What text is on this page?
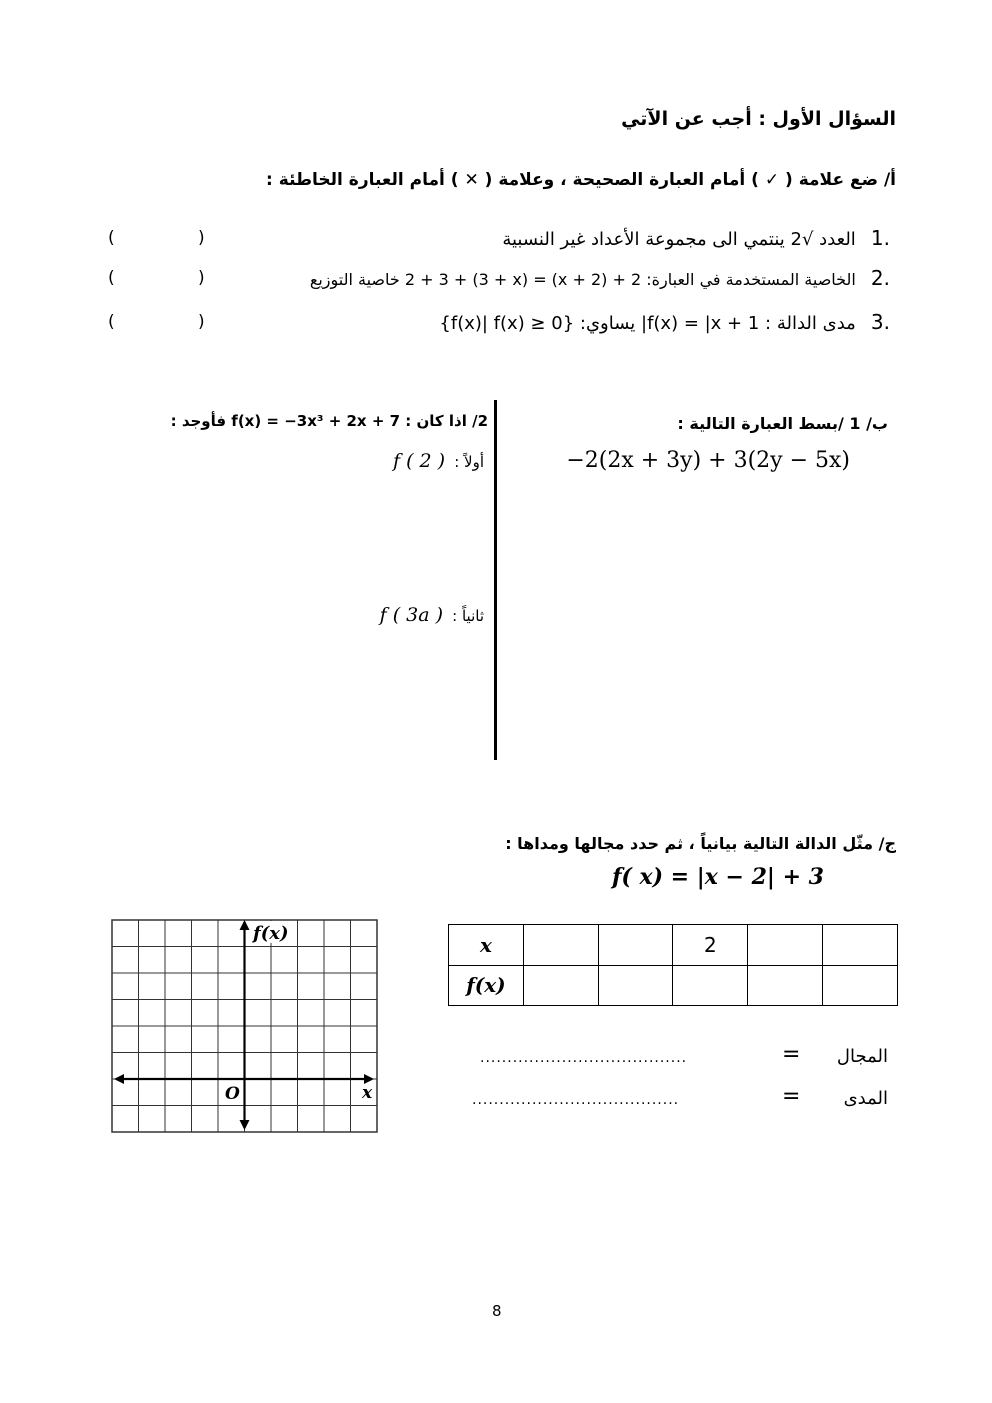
السؤال الأول : أجب عن الآتي
أ/ ضع علامة ( ✓ ) أمام العبارة الصحيحة ، وعلامة ( ✕ ) أمام العبارة الخاطئة :
العدد √2 ينتمي الى مجموعة الأعداد غير النسبية 1.
الخاصية المستخدمة في العبارة: 2 + (x + 2) = (3 + x) + 2 + 3 خاصية التوزيع 2.
مدى الدالة : f(x) = |x + 1| يساوي: {f(x)| f(x) ≥ 0} 3.
(	)
(	)
(	)
ب/ 1 /بسط العبارة التالية :
−2(2x + 3y) + 3(2y − 5x)
2/ اذا كان : f(x) = −3x³ + 2x + 7 فأوجد :
f ( 2 ) أولاً :
f ( 3a ) ثانياً :
ج/ مثّل الدالة التالية بيانياً ، ثم حدد مجالها ومداها :
f( x) = |x − 2| + 3
x			2		
f(x)					
المجال
=
......................................
المدى
=
......................................
f(x)
x
O
8
